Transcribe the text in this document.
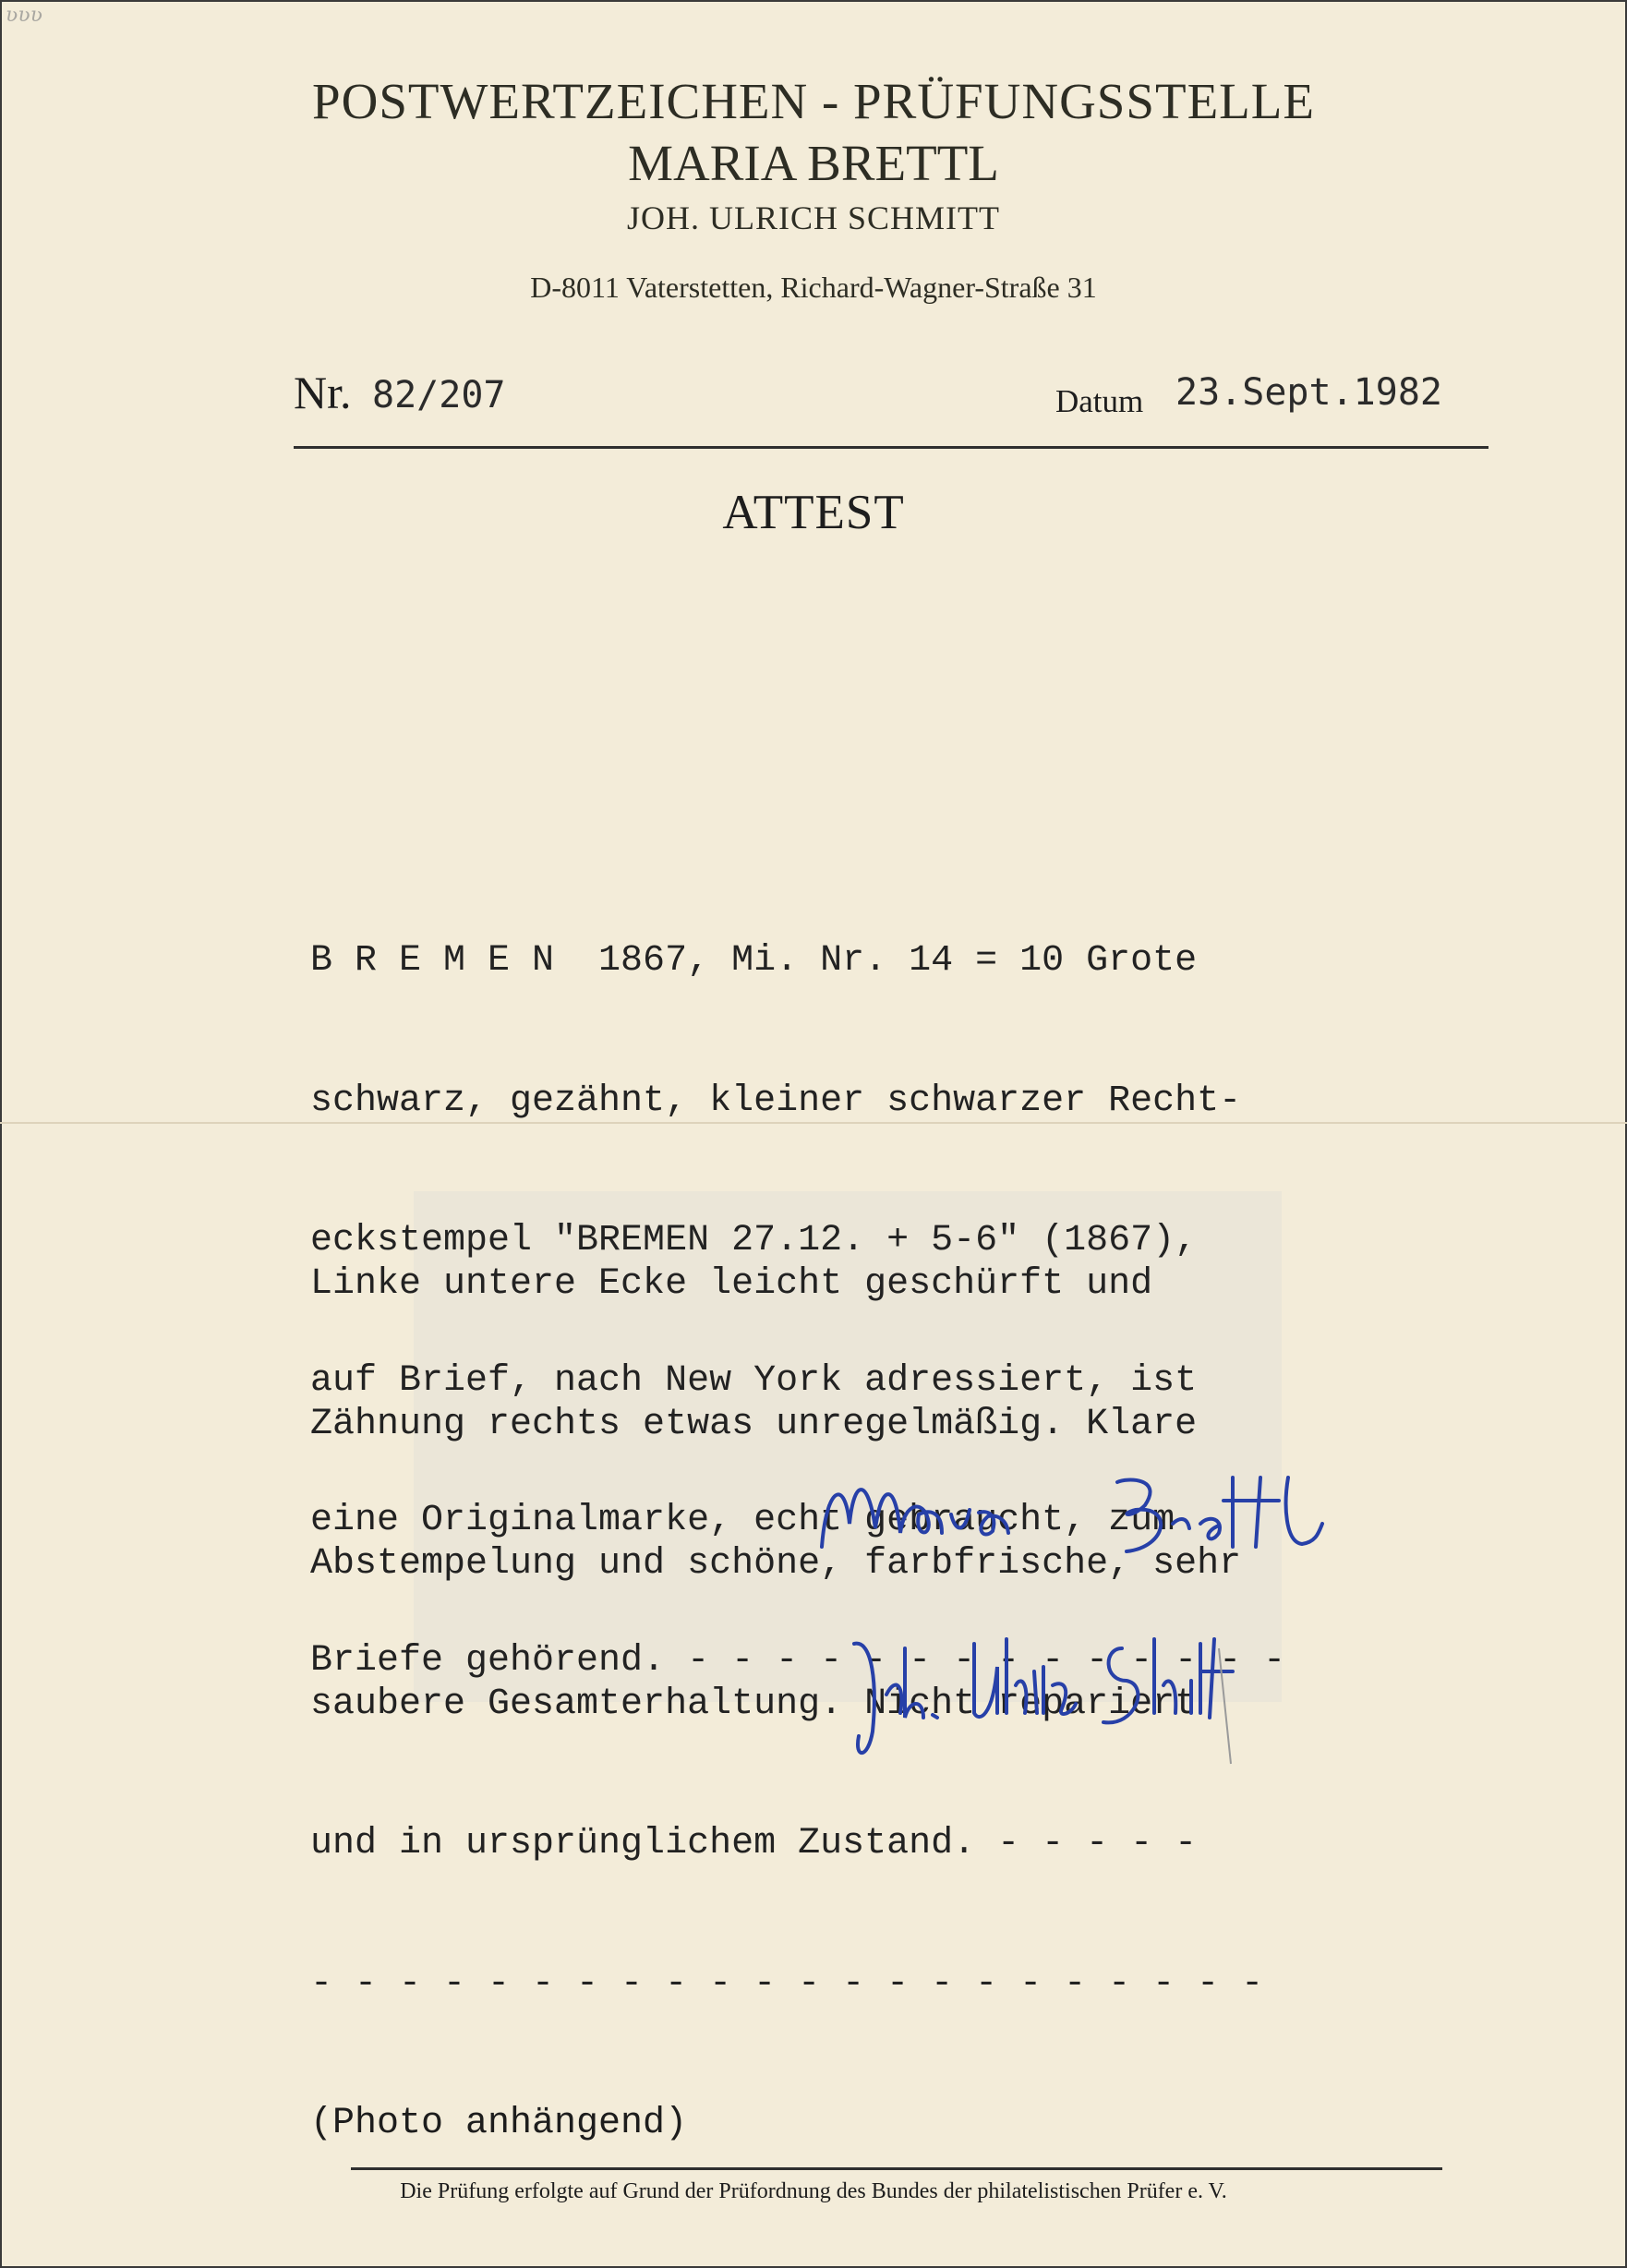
ʋʋʋ
POSTWERTZEICHEN - PRÜFUNGSSTELLE
MARIA BRETTL
JOH. ULRICH SCHMITT
D-8011 Vaterstetten, Richard-Wagner-Straße 31
Nr. 82/207	Datum 23.Sept.1982
ATTEST

B R E M E N  1867, Mi. Nr. 14 = 10 Grote

schwarz, gezähnt, kleiner schwarzer Recht-

eckstempel "BREMEN 27.12. + 5-6" (1867),

auf Brief, nach New York adressiert, ist

eine Originalmarke, echt gebraucht, zum

Briefe gehörend. - - - - - - - - - - - - - -

Linke untere Ecke leicht geschürft und

Zähnung rechts etwas unregelmäßig. Klare

Abstempelung und schöne, farbfrische, sehr

saubere Gesamterhaltung. Nicht repariert

und in ursprünglichem Zustand. - - - - -

- - - - - - - - - - - - - - - - - - - - - -

(Photo anhängend)
Die Prüfung erfolgte auf Grund der Prüfordnung des Bundes der philatelistischen Prüfer e. V.
